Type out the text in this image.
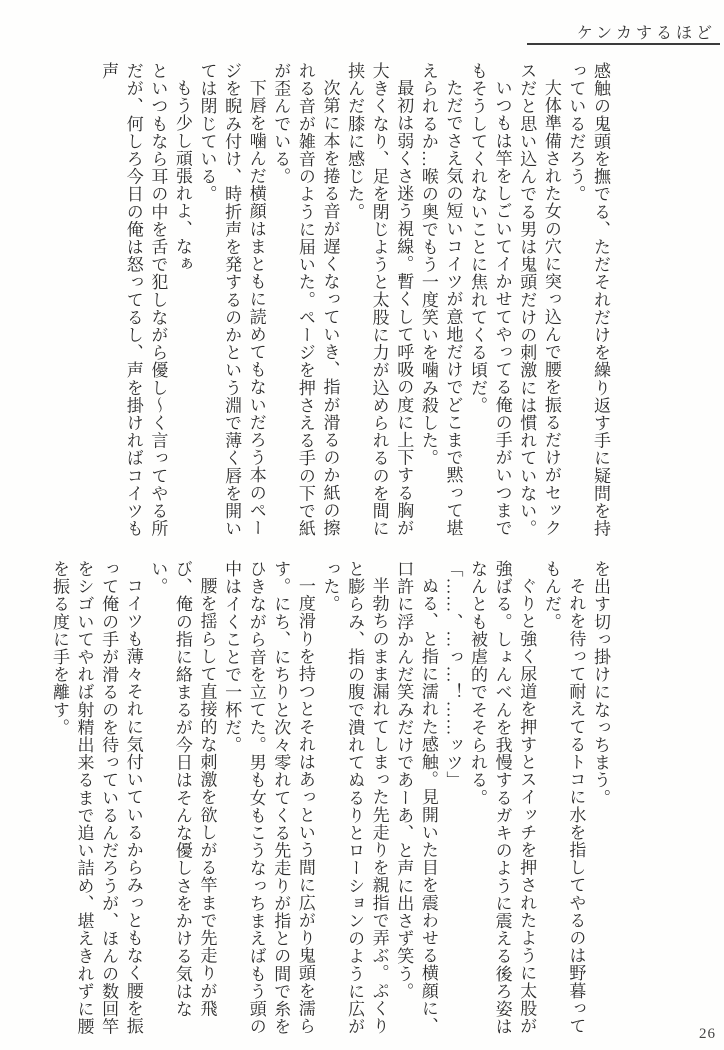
ケンカするほど

感触の鬼頭を撫でる、ただそれだけを繰り返す手に疑問を持っているだろう。

大体準備された女の穴に突っ込んで腰を振るだけがセックスだと思い込んでる男は鬼頭だけの刺激には慣れていない。

いつもは竿をしごいてイかせてやってる俺の手がいつまでもそうしてくれないことに焦れてくる頃だ。

ただでさえ気の短いコイツが意地だけでどこまで黙って堪えられるか…喉の奥でもう一度笑いを噛み殺した。

最初は弱くさ迷う視線。暫くして呼吸の度に上下する胸が大きくなり、足を閉じようと太股に力が込められるのを間に挟んだ膝に感じた。

次第に本を捲る音が遅くなっていき、指が滑るのか紙の擦れる音が雑音のように届いた。ページを押さえる手の下で紙が歪んでいる。

下唇を噛んだ横顔はまともに読めてもないだろう本のページを睨み付け、時折声を発するのかという淵で薄く唇を開いては閉じている。

もう少し頑張れよ、なぁ

といつもなら耳の中を舌で犯しながら優し〜く言ってやる所だが、何しろ今日の俺は怒ってるし、声を掛ければコイツも声

を出す切っ掛けになっちまう。

それを待って耐えてるトコに水を指してやるのは野暮ってもんだ。

ぐりと強く尿道を押すとスイッチを押されたように太股が強ばる。しょんべんを我慢するガキのように震える後ろ姿はなんとも被虐的でそそられる。

「……、…っ…！……ッツ」

ぬる、と指に濡れた感触。見開いた目を震わせる横顔に、口許に浮かんだ笑みだけであーあ、と声に出さず笑う。

半勃ちのまま漏れてしまった先走りを親指で弄ぶ。ぷくりと膨らみ、指の腹で潰れてぬるりとローションのように広がった。

一度滑りを持つとそれはあっという間に広がり鬼頭を濡らす。にち、にちりと次々零れてくる先走りが指との間で糸をひきながら音を立てた。男も女もこうなっちまえばもう頭の中はイくことで一杯だ。

腰を揺らして直接的な刺激を欲しがる竿まで先走りが飛び、俺の指に絡まるが今日はそんな優しさをかける気はない。

コイツも薄々それに気付いているからみっともなく腰を振って俺の手が滑るのを待っているんだろうが、ほんの数回竿をシゴいてやれば射精出来るまで追い詰め、堪えきれずに腰を振る度に手を離す。

26
